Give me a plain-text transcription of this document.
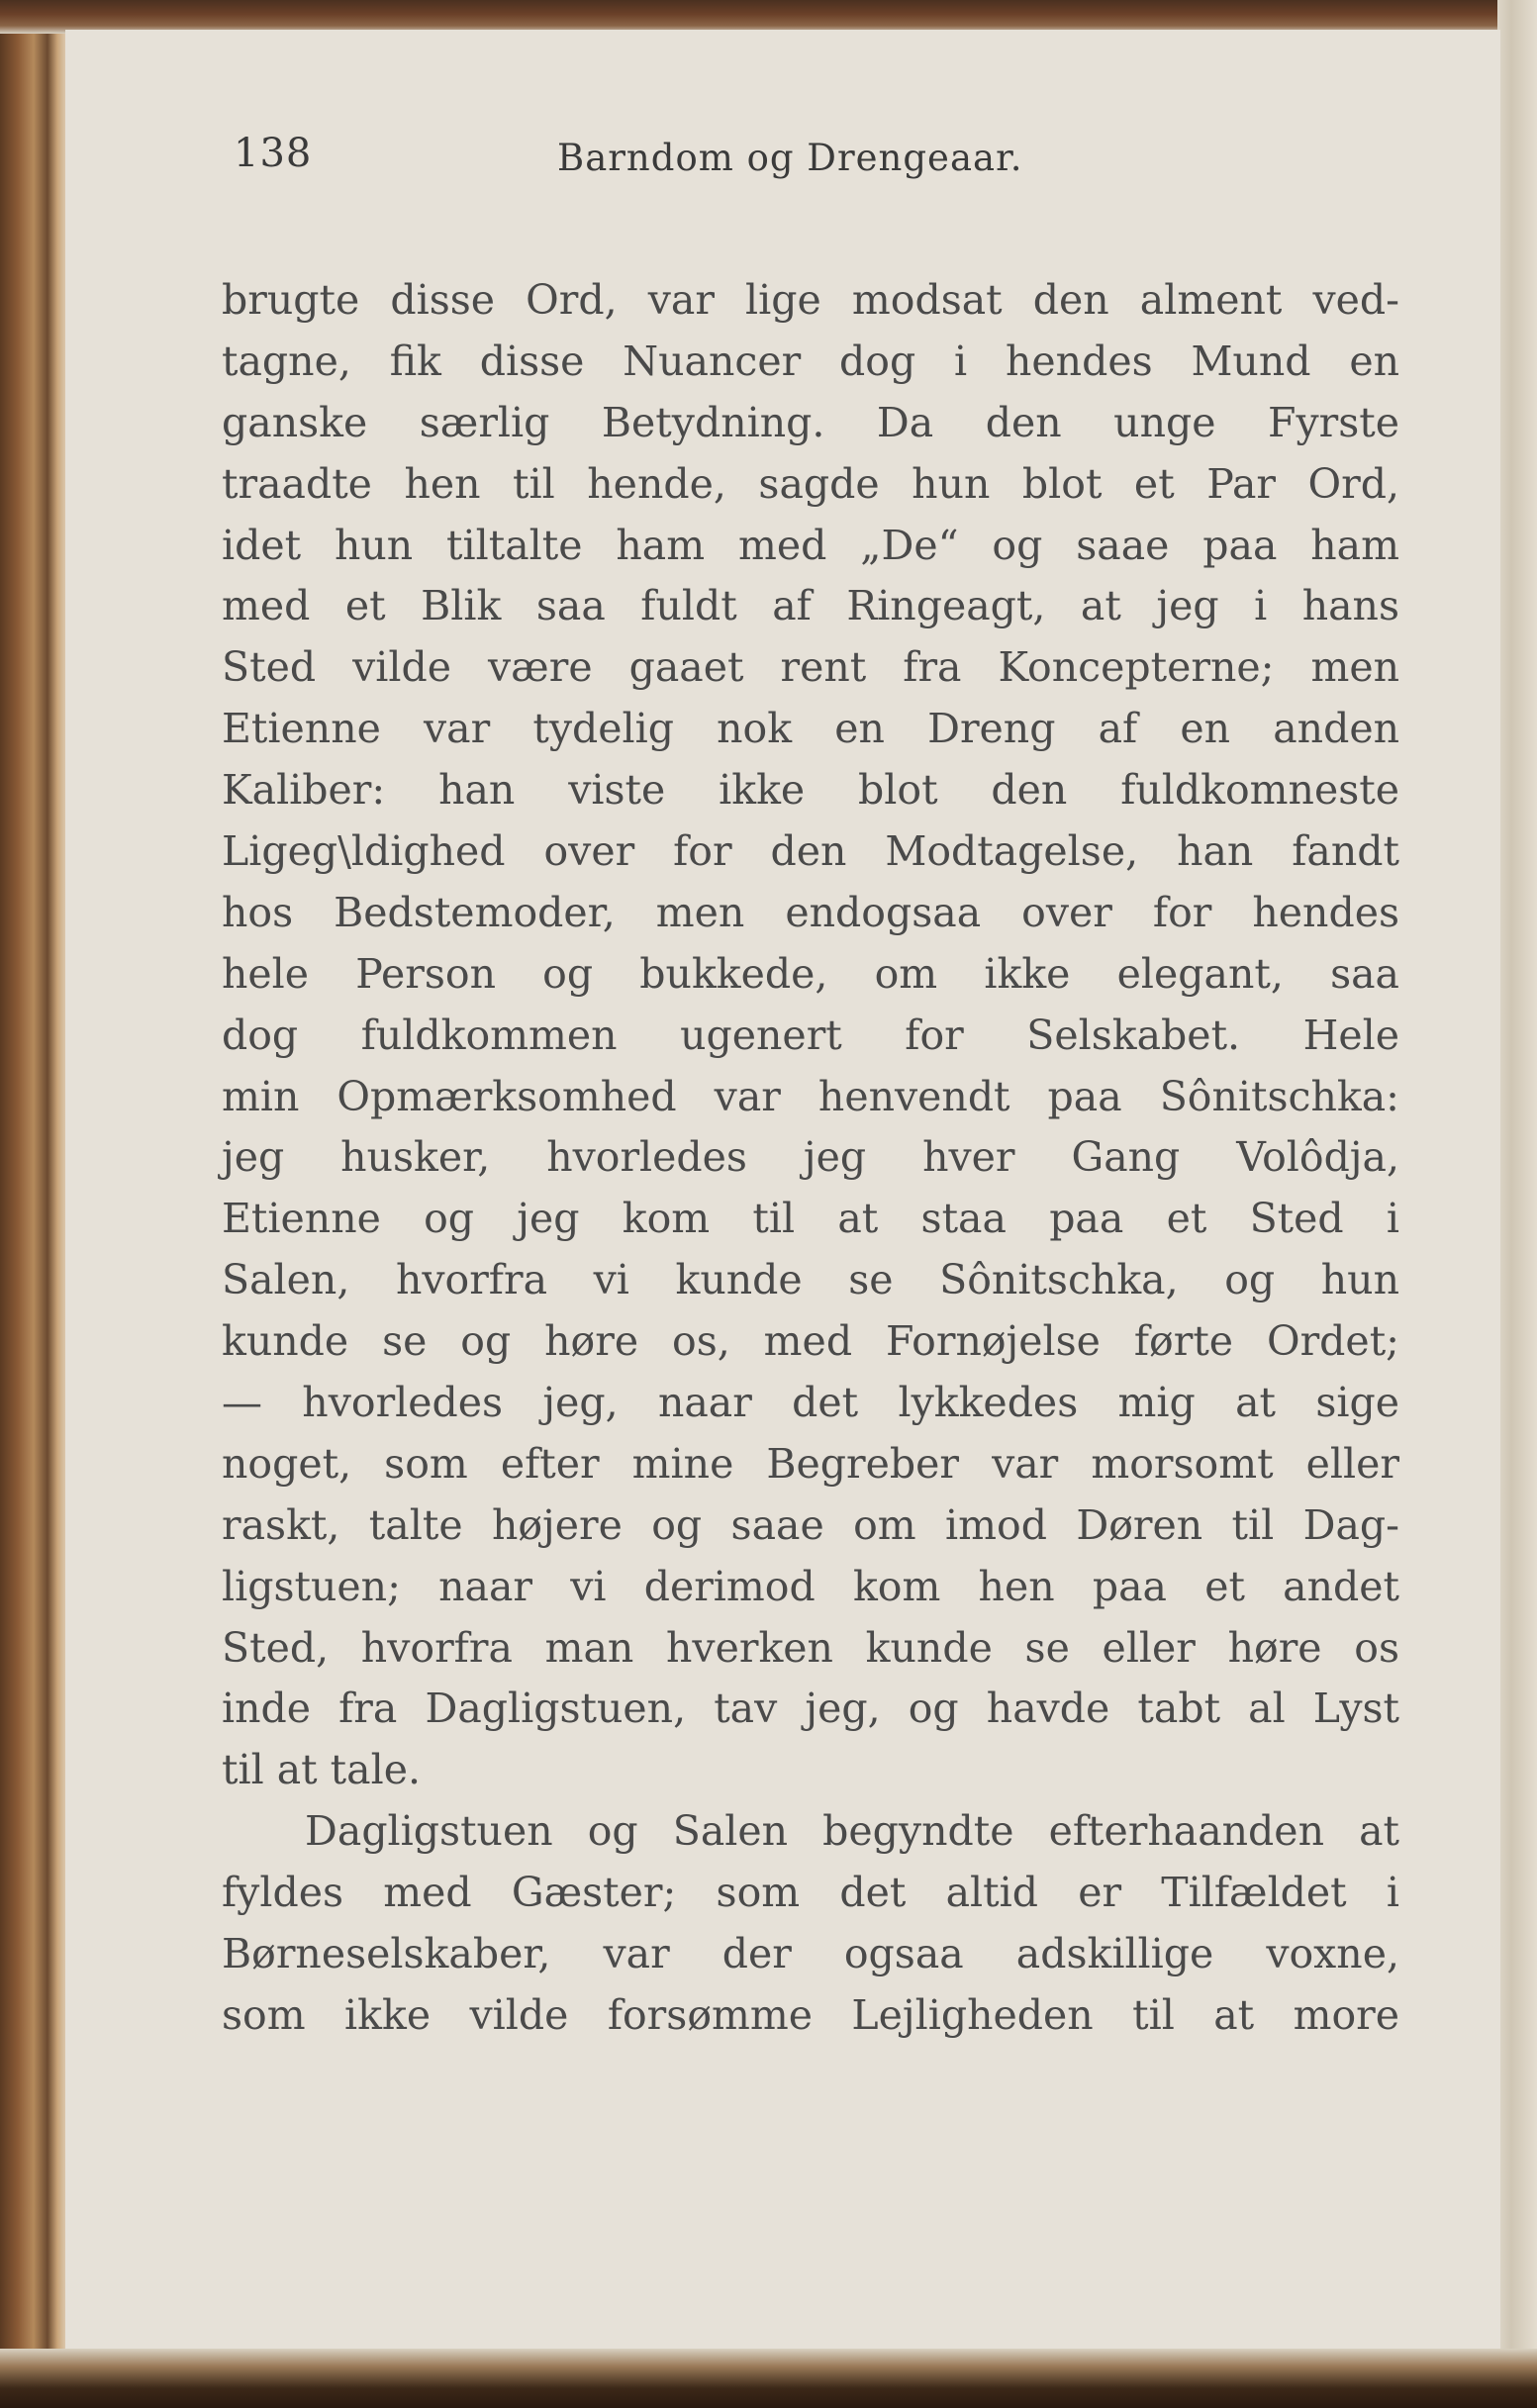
138	Barndom og Drengeaar.
brugte disse Ord, var lige modsat den alment ved-
tagne, fik disse Nuancer dog i hendes Mund en
ganske særlig Betydning. Da den unge Fyrste
traadte hen til hende, sagde hun blot et Par Ord,
idet hun tiltalte ham med „De“ og saae paa ham
med et Blik saa fuldt af Ringeagt, at jeg i hans
Sted vilde være gaaet rent fra Koncepterne; men
Etienne var tydelig nok en Dreng af en anden
Kaliber: han viste ikke blot den fuldkomneste
Ligeg\ldighed over for den Modtagelse, han fandt
hos Bedstemoder, men endogsaa over for hendes
hele Person og bukkede, om ikke elegant, saa
dog fuldkommen ugenert for Selskabet. Hele
min Opmærksomhed var henvendt paa Sônitschka:
jeg husker, hvorledes jeg hver Gang Volôdja,
Etienne og jeg kom til at staa paa et Sted i
Salen, hvorfra vi kunde se Sônitschka, og hun
kunde se og høre os, med Fornøjelse førte Ordet;
— hvorledes jeg, naar det lykkedes mig at sige
noget, som efter mine Begreber var morsomt eller
raskt, talte højere og saae om imod Døren til Dag-
ligstuen; naar vi derimod kom hen paa et andet
Sted, hvorfra man hverken kunde se eller høre os
inde fra Dagligstuen, tav jeg, og havde tabt al Lyst
til at tale.
Dagligstuen og Salen begyndte efterhaanden at
fyldes med Gæster; som det altid er Tilfældet i
Børneselskaber, var der ogsaa adskillige voxne,
som ikke vilde forsømme Lejligheden til at more
